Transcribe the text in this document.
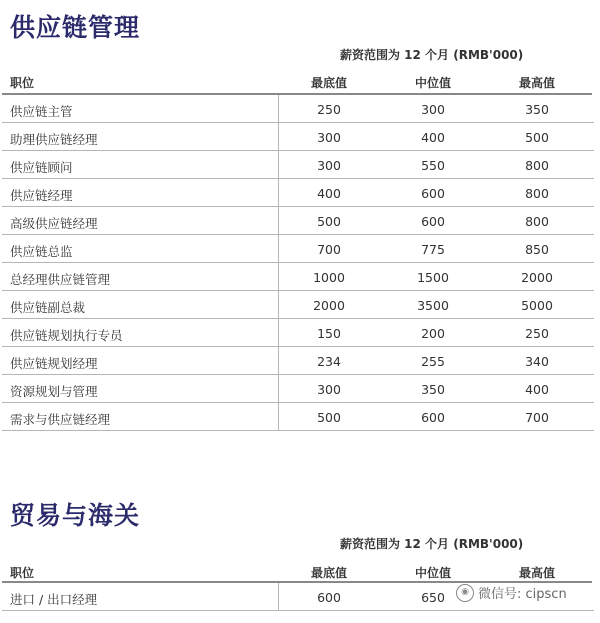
供应链管理
薪资范围为 12 个月 (RMB'000)
职位	最底值	中位值	最高值
供应链主管	250	300	350
助理供应链经理	300	400	500
供应链顾问	300	550	800
供应链经理	400	600	800
高级供应链经理	500	600	800
供应链总监	700	775	850
总经理供应链管理	1000	1500	2000
供应链副总裁	2000	3500	5000
供应链规划执行专员	150	200	250
供应链规划经理	234	255	340
资源规划与管理	300	350	400
需求与供应链经理	500	600	700
贸易与海关
薪资范围为 12 个月 (RMB'000)
职位	最底值	中位值	最高值
进口 / 出口经理	600	650	◉ 微信号: cipscn
